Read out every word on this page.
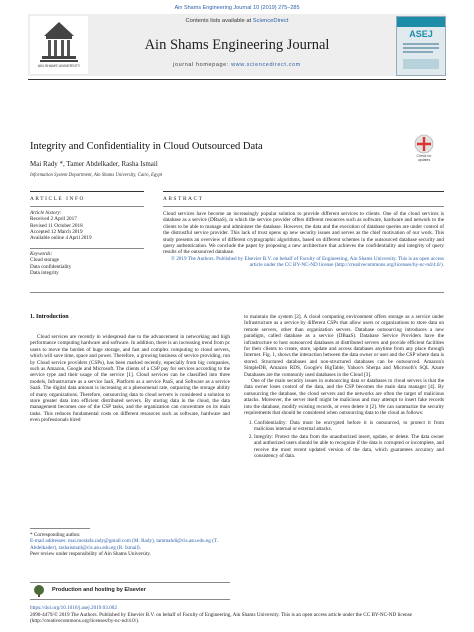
Ain Shams Engineering Journal 10 (2019) 275–285
AIN SHAMS UNIVERSITY
Contents lists available at ScienceDirect
Ain Shams Engineering Journal
journal homepage: www.sciencedirect.com
ASEJ
Integrity and Confidentiality in Cloud Outsourced Data
Check for updates
Mai Rady *, Tamer Abdelkader, Rasha Ismail
Information System Department, Ain Shams University, Cairo, Egypt
ARTICLE INFO	ABSTRACT
Article history:
Received 2 April 2017
Revised 11 October 2018
Accepted 12 March 2019
Available online 4 April 2019
Keywords:
Cloud storage
Data confidentiality
Data integrity
Cloud services have become an increasingly popular solution to provide different services to clients. One of the cloud services is database as a service (DBaaS), in which the service provider offers different resources such as software, hardware and network to the clients to be able to manage and administer the database. However, the data and the execution of database queries are under control of the distrustful service provider. This lack of trust opens up new security issues and serves as the chief motivation of our work. This study presents an overview of different cryptographic algorithms, based on different schemes in the outsourced database security and query authentication. We conclude the paper by proposing a new architecture that achieves the confidentiality and integrity of query results of the outsourced database.
© 2019 The Authors. Published by Elsevier B.V. on behalf of Faculty of Engineering, Ain Shams University. This is an open access article under the CC BY-NC-ND license (http://creativecommons.org/licenses/by-nc-nd/4.0/).
1. Introduction

Cloud services are recently in widespread due to the advancement in networking and high performance computing hardware and software. In addition, there is an increasing trend from pc users to move the burden of huge storage, and fast and complex computing to cloud servers, which will save time, space and power. Therefore, a growing business of service providing, run by Cloud service providers (CSPs), has been marked recently, especially from big companies, such as Amazon, Google and Microsoft. The clients of a CSP pay for services according to the service type and their usage of the service [1]. Cloud services can be classified into three models, Infrastructure as a service IaaS, Platform as a service PaaS, and Software as a service SaaS. The digital data amount is increasing at a phenomenal rate, outpacing the storage ability of many organizations. Therefore, outsourcing data to cloud servers is considered a solution to store greater data into efficient distributed servers. By storing data in the cloud, the data management becomes one of the CSP tasks, and the organization can concentrate on its main tasks. This reduces fundamental costs on different resources such as software, hardware and even professionals hired

* Corresponding author.
E-mail addresses: mai.mostafa.rady@gmail.com (M. Rady), tammahdi@cis.asu.edu.eg (T. Abdelkader), rashaismail@cis.asu.edu.eg (R. Ismail).
Peer review under responsibility of Ain Shams University.
Production and hosting by Elsevier

to maintain the system [2]. A cloud computing environment offers storage as a service under Infrastructure as a service by different CSPs that allow users or organizations to store data on remote servers, other than organization servers. Database outsourcing introduces a new paradigm, called database as a service (DBaaS). Database Service Providers have the infrastructure to host outsourced databases at distributed servers and provide efficient facilities for their clients to create, store, update and access databases anytime from any place through Internet. Fig. 1, shows the interaction between the data owner or user and the CSP where data is stored. Structured databases and non-structured databases can be outsourced. Amazon's SimpleDB, Amazon RDS, Google's BigTable, Yahoo's Sherpa and Microsoft's SQL Azure Databases are the commonly used databases in the Cloud [3].

One of the main security issues in outsourcing data or databases to cloud servers is that the data owner loses control of the data, and the CSP becomes the main data manager [4]. By outsourcing the database, the cloud servers and the networks are often the target of malicious attacks. Moreover, the server itself might be malicious and may attempt to insert fake records into the database, modify existing records, or even delete it [2]. We can summarize the security requirements that should be considered when outsourcing data to the cloud as follows:

1. Confidentiality: Data must be encrypted before it is outsourced, to protect it from malicious internal or external attacks.
2. Integrity: Protect the data from the unauthorized insert, update, or delete. The data owner and authorized users should be able to recognize if the data is corrupted or incomplete, and receive the most recent updated version of the data, which guarantees accuracy and consistency of data.
https://doi.org/10.1016/j.asej.2019.03.002
2090-4479/© 2019 The Authors. Published by Elsevier B.V. on behalf of Faculty of Engineering, Ain Shams University. This is an open access article under the CC BY-NC-ND license (http://creativecommons.org/licenses/by-nc-nd/4.0/).
